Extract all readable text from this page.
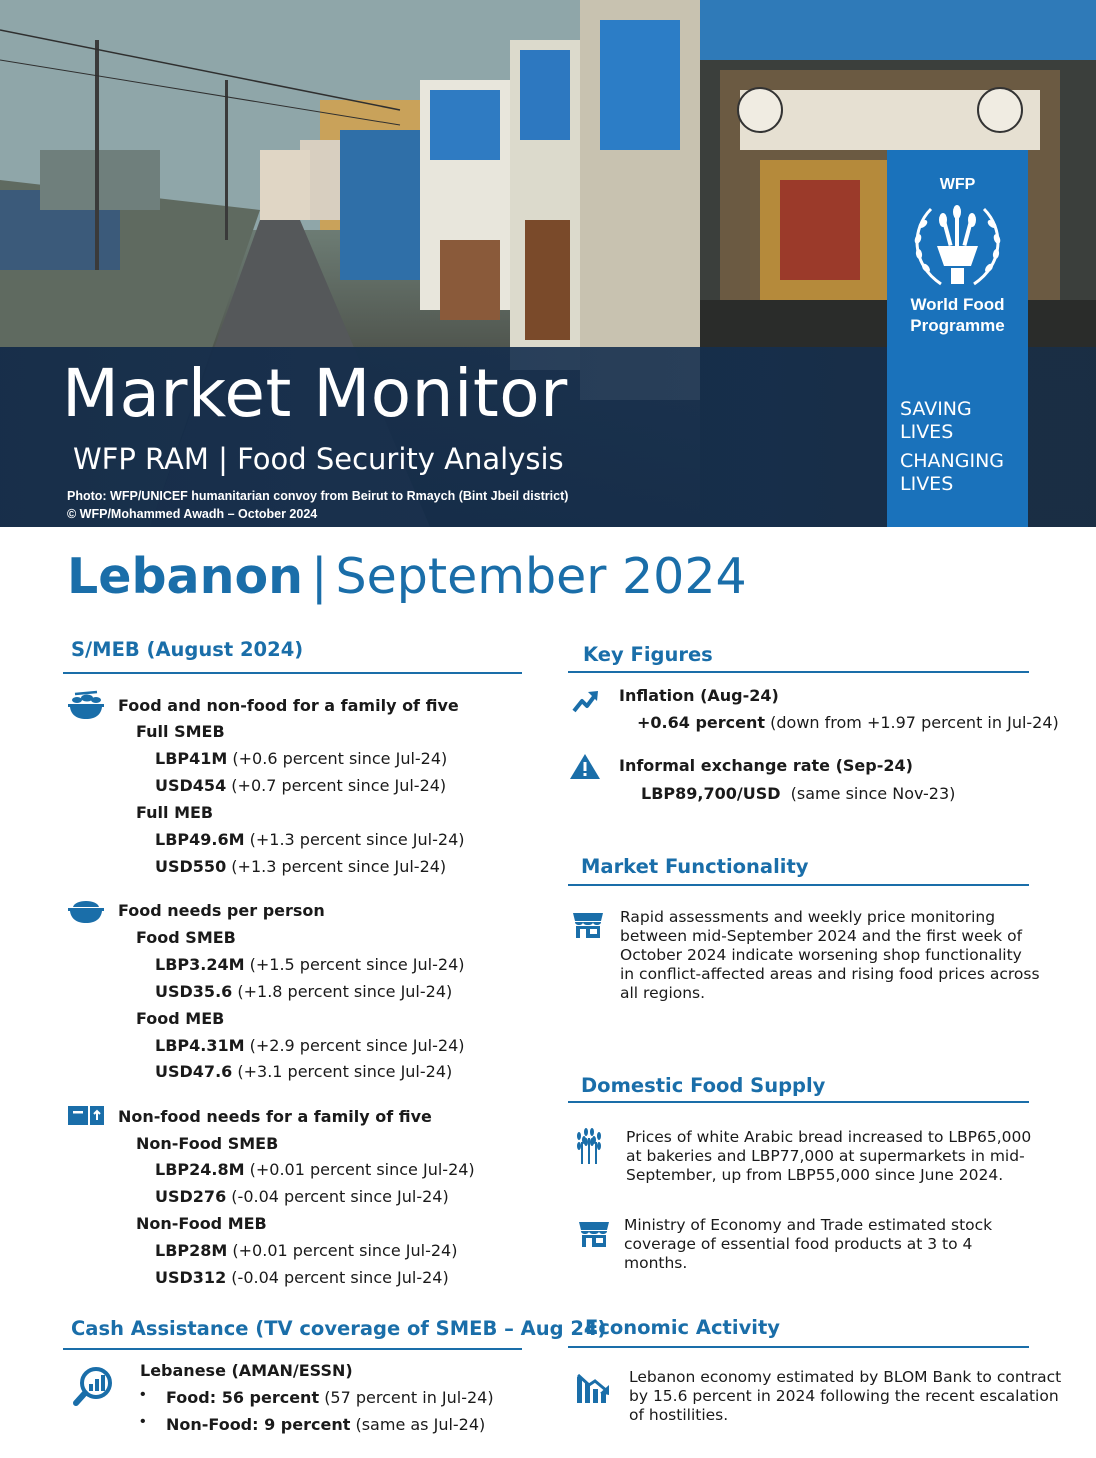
Market Monitor
WFP RAM | Food Security Analysis
Photo: WFP/UNICEF humanitarian convoy from Beirut to Rmaych (Bint Jbeil district)
© WFP/Mohammed Awadh – October 2024
WFP
World Food
Programme
SAVING
LIVES
CHANGING
LIVES
Lebanon | September 2024
S/MEB (August 2024)
Food and non-food for a family of five
Full SMEB
LBP41M (+0.6 percent since Jul-24)
USD454 (+0.7 percent since Jul-24)
Full MEB
LBP49.6M (+1.3 percent since Jul-24)
USD550 (+1.3 percent since Jul-24)
Food needs per person
Food SMEB
LBP3.24M (+1.5 percent since Jul-24)
USD35.6 (+1.8 percent since Jul-24)
Food MEB
LBP4.31M (+2.9 percent since Jul-24)
USD47.6 (+3.1 percent since Jul-24)
Non-food needs for a family of five
Non-Food SMEB
LBP24.8M (+0.01 percent since Jul-24)
USD276 (-0.04 percent since Jul-24)
Non-Food MEB
LBP28M (+0.01 percent since Jul-24)
USD312 (-0.04 percent since Jul-24)
Cash Assistance (TV coverage of SMEB – Aug 24)
Lebanese (AMAN/ESSN)
• Food: 56 percent (57 percent in Jul-24)
• Non-Food: 9 percent (same as Jul-24)
Key Figures
Inflation (Aug-24)
+0.64 percent (down from +1.97 percent in Jul-24)
Informal exchange rate (Sep-24)
LBP89,700/USD (same since Nov-23)
Market Functionality
Rapid assessments and weekly price monitoring between mid-September 2024 and the first week of October 2024 indicate worsening shop functionality in conflict-affected areas and rising food prices across all regions.
Domestic Food Supply
Prices of white Arabic bread increased to LBP65,000 at bakeries and LBP77,000 at supermarkets in mid-September, up from LBP55,000 since June 2024.
Ministry of Economy and Trade estimated stock coverage of essential food products at 3 to 4 months.
Economic Activity
Lebanon economy estimated by BLOM Bank to contract by 15.6 percent in 2024 following the recent escalation of hostilities.
